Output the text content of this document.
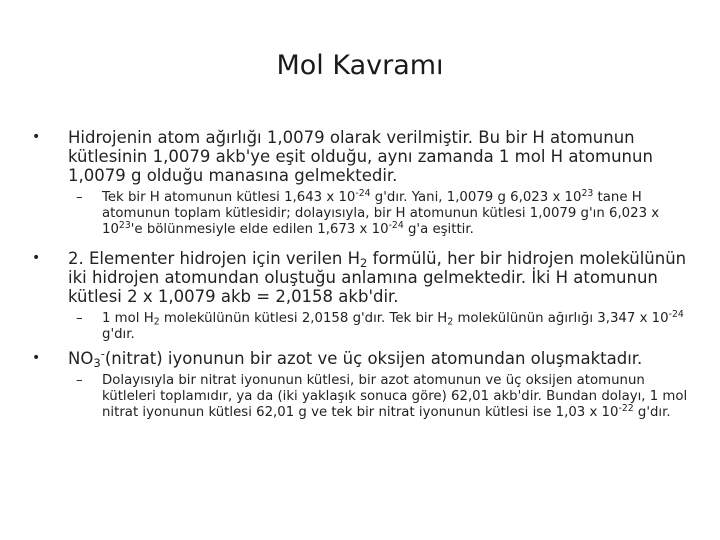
Mol Kavramı
• Hidrojenin atom ağırlığı 1,0079 olarak verilmiştir. Bu bir H atomunun kütlesinin 1,0079 akb'ye eşit olduğu, aynı zamanda 1 mol H atomunun 1,0079 g olduğu manasına gelmektedir.
– Tek bir H atomunun kütlesi 1,643 x $10^{-24}$ g'dır. Yani, 1,0079 g 6,023 x $10^{23}$ tane H atomunun toplam kütlesidir; dolayısıyla, bir H atomunun kütlesi 1,0079 g'ın 6,023 x $10^{23}'e$ bölünmesiyle elde edilen 1,673 x $10^{-24}$ g'a eşittir.
• 2. Elementer hidrojen için verilen $H_2$ formülü, her bir hidrojen molekülünün iki hidrojen atomundan oluştuğu anlamına gelmektedir. İki H atomunun kütlesi 2 x 1,0079 akb = 2,0158 akb'dir.
– 1 mol $H_2$ molekülünün kütlesi 2,0158 g'dır. Tek bir $H_2$ molekülünün ağırlığı 3,347 x $10^{-24}$ g'dır.
• $NO_3^-(nitrat)$ iyonunun bir azot ve üç oksijen atomundan oluşmaktadır.
– Dolayısıyla bir nitrat iyonunun kütlesi, bir azot atomunun ve üç oksijen atomunun kütleleri toplamıdır, ya da (iki yaklaşık sonuca göre) 62,01 akb'dir. Bundan dolayı, 1 mol nitrat iyonunun kütlesi 62,01 g ve tek bir nitrat iyonunun kütlesi ise 1,03 x $10^{-22}$ g'dır.
